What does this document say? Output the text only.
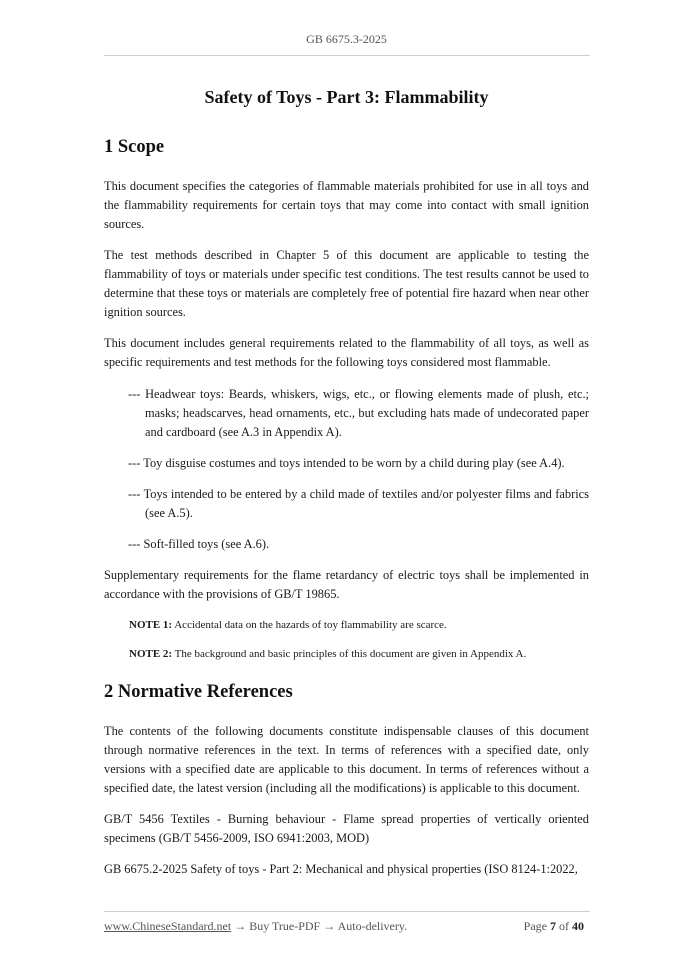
GB 6675.3-2025
Safety of Toys - Part 3: Flammability
1 Scope

This document specifies the categories of flammable materials prohibited for use in all toys and the flammability requirements for certain toys that may come into contact with small ignition sources.

The test methods described in Chapter 5 of this document are applicable to testing the flammability of toys or materials under specific test conditions. The test results cannot be used to determine that these toys or materials are completely free of potential fire hazard when near other ignition sources.

This document includes general requirements related to the flammability of all toys, as well as specific requirements and test methods for the following toys considered most flammable.

--- Headwear toys: Beards, whiskers, wigs, etc., or flowing elements made of plush, etc.; masks; headscarves, head ornaments, etc., but excluding hats made of undecorated paper and cardboard (see A.3 in Appendix A).

--- Toy disguise costumes and toys intended to be worn by a child during play (see A.4).

--- Toys intended to be entered by a child made of textiles and/or polyester films and fabrics (see A.5).

--- Soft-filled toys (see A.6).

Supplementary requirements for the flame retardancy of electric toys shall be implemented in accordance with the provisions of GB/T 19865.

NOTE 1: Accidental data on the hazards of toy flammability are scarce.

NOTE 2: The background and basic principles of this document are given in Appendix A.

2 Normative References

The contents of the following documents constitute indispensable clauses of this document through normative references in the text. In terms of references with a specified date, only versions with a specified date are applicable to this document. In terms of references without a specified date, the latest version (including all the modifications) is applicable to this document.

GB/T 5456 Textiles - Burning behaviour - Flame spread properties of vertically oriented specimens (GB/T 5456-2009, ISO 6941:2003, MOD)

GB 6675.2-2025 Safety of toys - Part 2: Mechanical and physical properties (ISO 8124-1:2022,

www.ChineseStandard.net → Buy True-PDF → Auto-delivery.	Page 7 of 40
